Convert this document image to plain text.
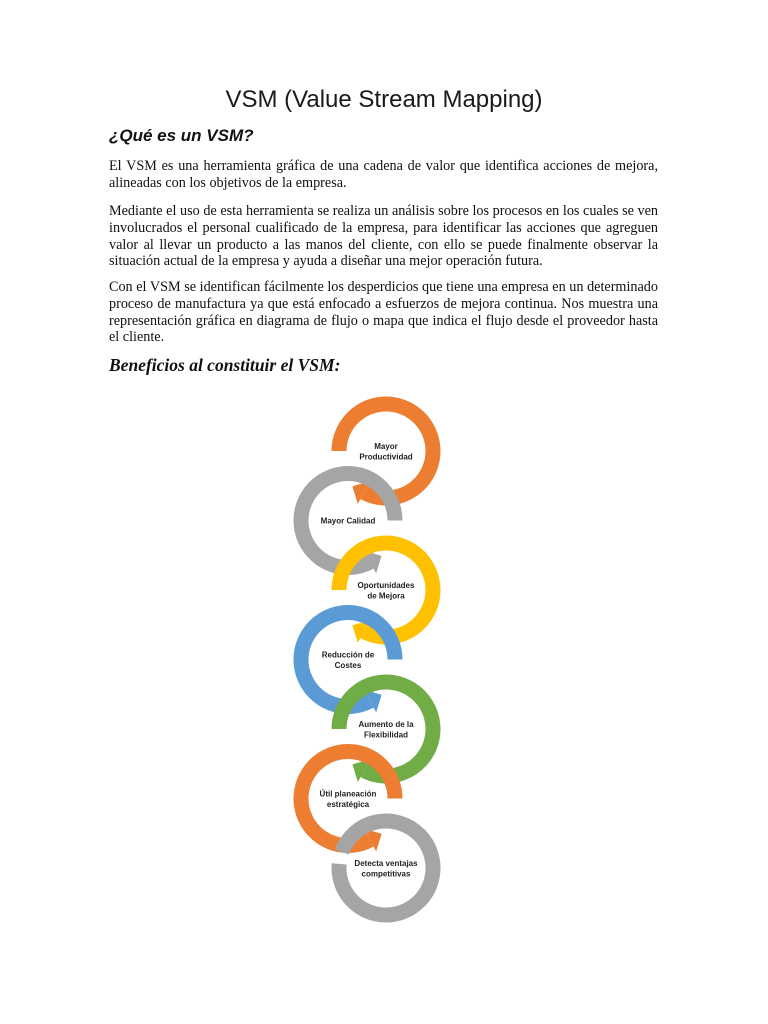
VSM (Value Stream Mapping)
¿Qué es un VSM?

El VSM es una herramienta gráfica de una cadena de valor que identifica acciones de mejora, alineadas con los objetivos de la empresa.

Mediante el uso de esta herramienta se realiza un análisis sobre los procesos en los cuales se ven involucrados el personal cualificado de la empresa, para identificar las acciones que agreguen valor al llevar un producto a las manos del cliente, con ello se puede finalmente observar la situación actual de la empresa y ayuda a diseñar una mejor operación futura.

Con el VSM se identifican fácilmente los desperdicios que tiene una empresa en un determinado proceso de manufactura ya que está enfocado a esfuerzos de mejora continua. Nos muestra una representación gráfica en diagrama de flujo o mapa que indica el flujo desde el proveedor hasta el cliente.

Beneficios al constituir el VSM:
Mayor Productividad
Mayor Calidad
Oportunidades de Mejora
Reducción de Costes
Aumento de la Flexibilidad
Útil planeación estratégica
Detecta ventajas competitivas
